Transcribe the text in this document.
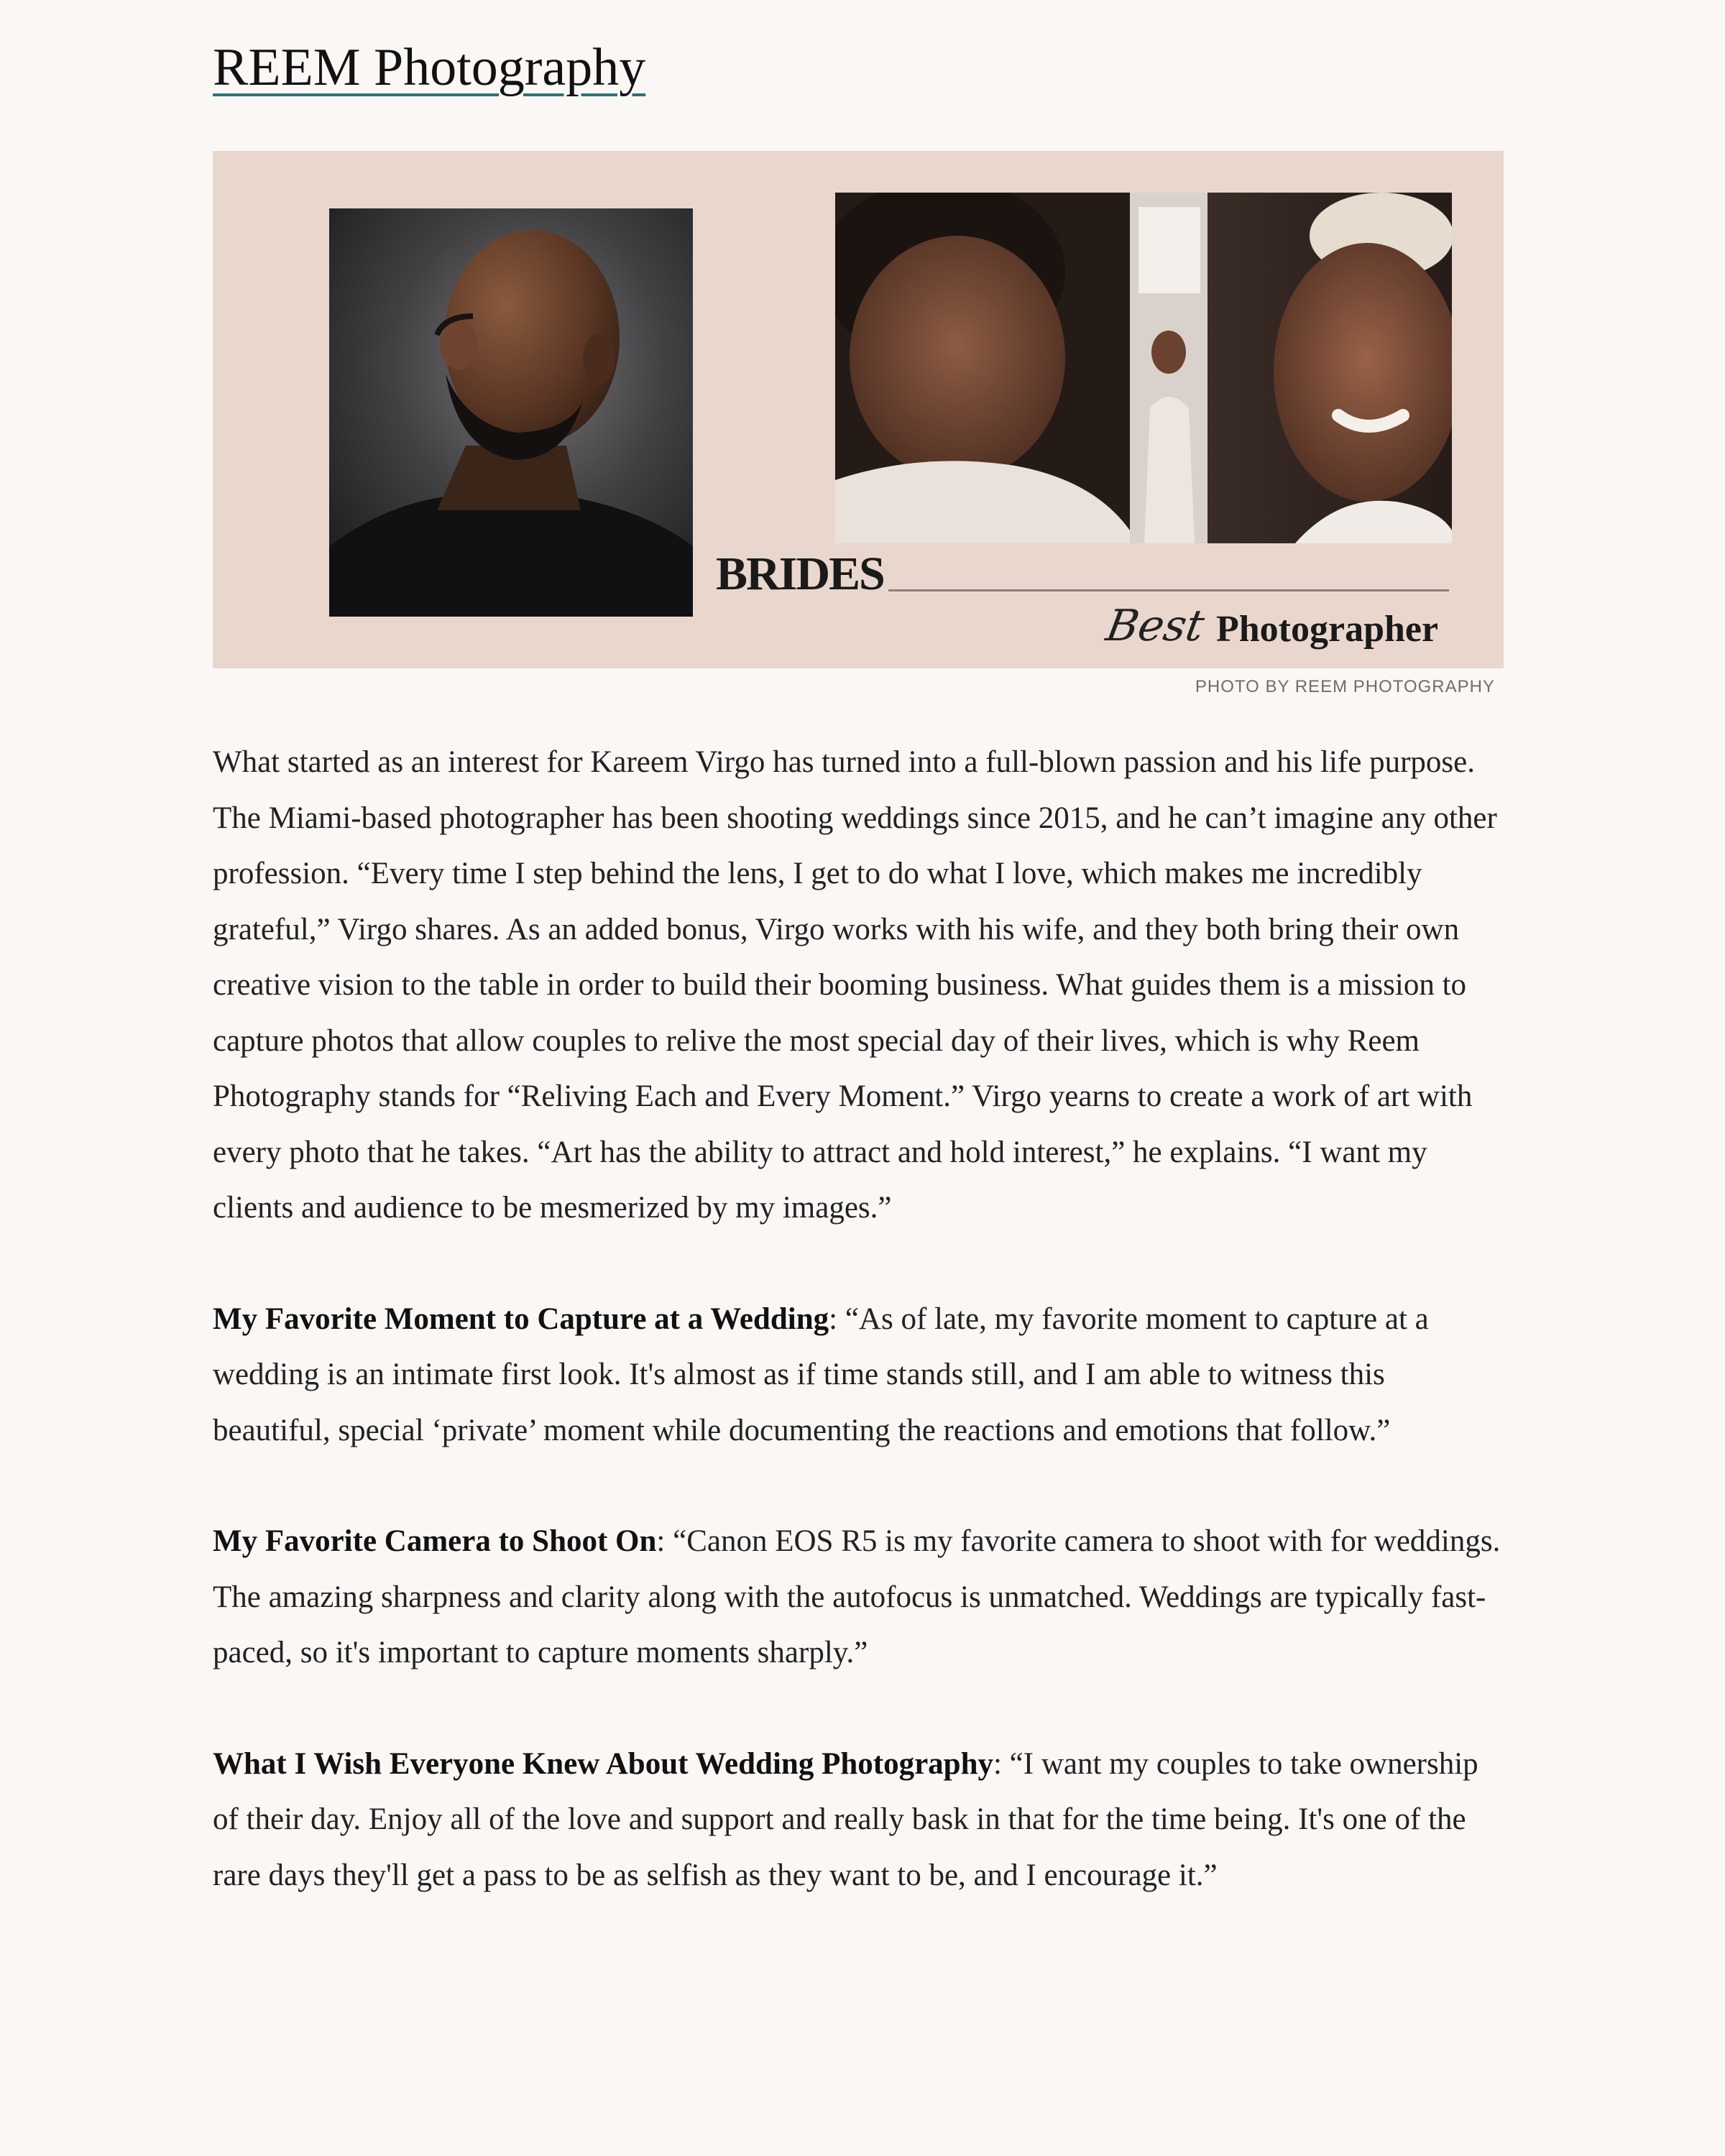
REEM Photography
BRIDES
Best Photographer
PHOTO BY REEM PHOTOGRAPHY

What started as an interest for Kareem Virgo has turned into a full-blown passion and his life purpose. The Miami-based photographer has been shooting weddings since 2015, and he can’t imagine any other profession. “Every time I step behind the lens, I get to do what I love, which makes me incredibly grateful,” Virgo shares. As an added bonus, Virgo works with his wife, and they both bring their own creative vision to the table in order to build their booming business. What guides them is a mission to capture photos that allow couples to relive the most special day of their lives, which is why Reem Photography stands for “Reliving Each and Every Moment.” Virgo yearns to create a work of art with every photo that he takes. “Art has the ability to attract and hold interest,” he explains. “I want my clients and audience to be mesmerized by my images.”

My Favorite Moment to Capture at a Wedding: “As of late, my favorite moment to capture at a wedding is an intimate first look. It's almost as if time stands still, and I am able to witness this beautiful, special ‘private’ moment while documenting the reactions and emotions that follow.”

My Favorite Camera to Shoot On: “Canon EOS R5 is my favorite camera to shoot with for weddings. The amazing sharpness and clarity along with the autofocus is unmatched. Weddings are typically fast-paced, so it's important to capture moments sharply.”

What I Wish Everyone Knew About Wedding Photography: “I want my couples to take ownership of their day. Enjoy all of the love and support and really bask in that for the time being. It's one of the rare days they'll get a pass to be as selfish as they want to be, and I encourage it.”
